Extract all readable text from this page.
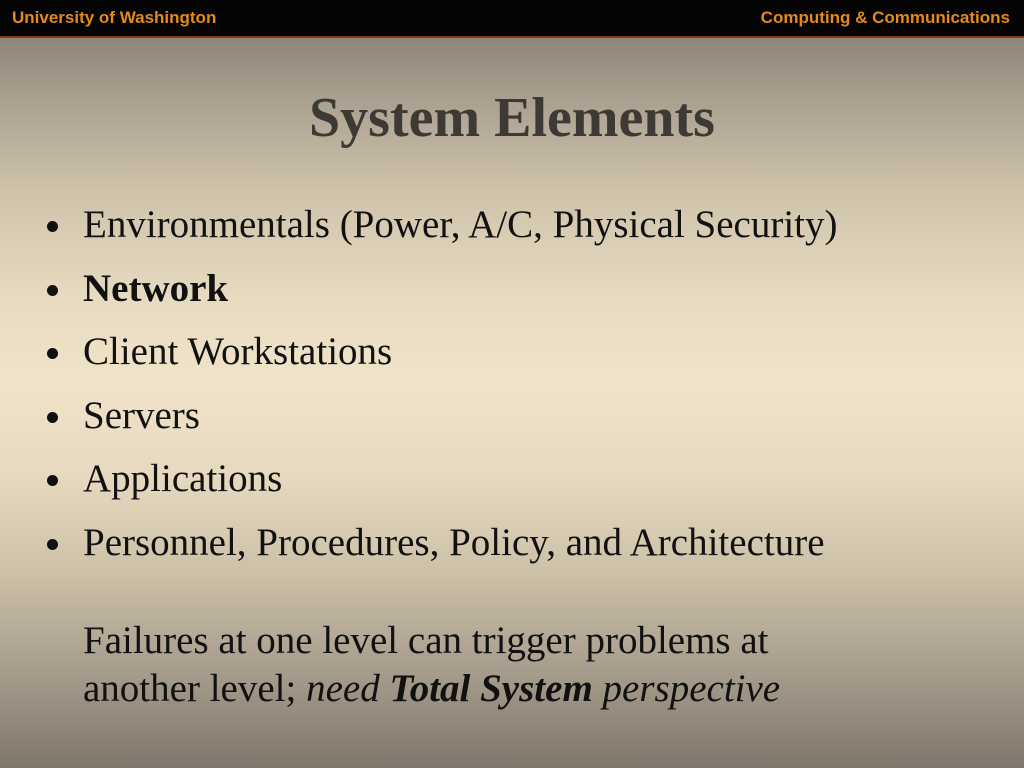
University of Washington	Computing & Communications
System Elements
Environmentals (Power, A/C, Physical Security)
Network
Client Workstations
Servers
Applications
Personnel, Procedures, Policy, and Architecture
Failures at one level can trigger problems at
another level; need Total System perspective
